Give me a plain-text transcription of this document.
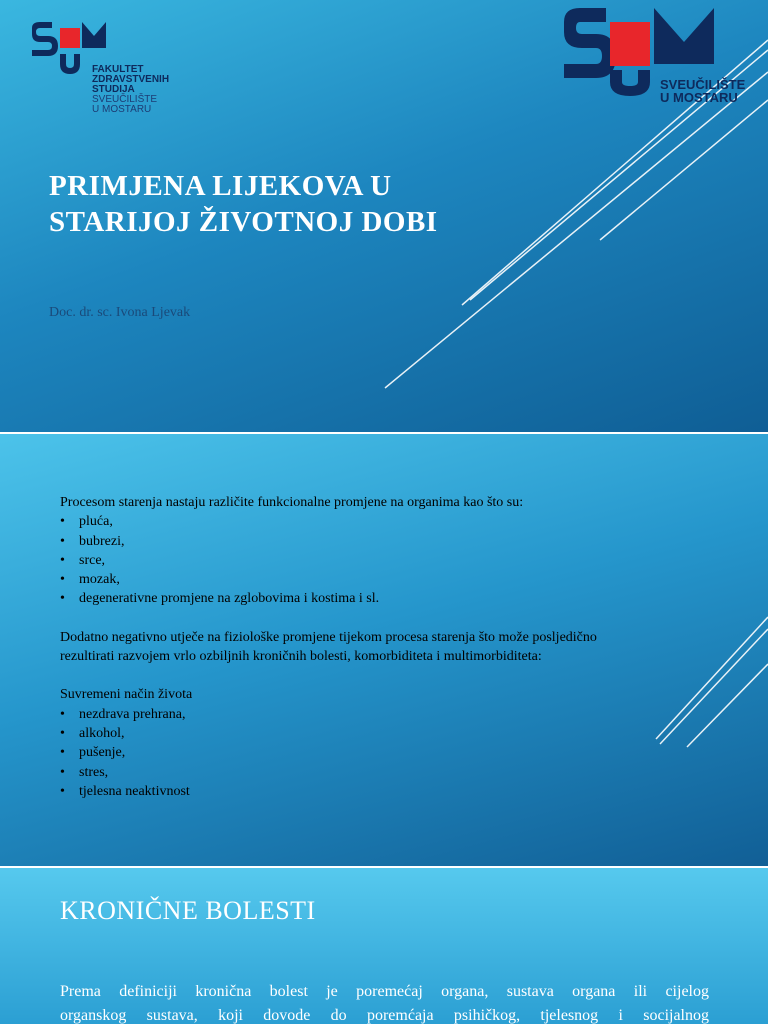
FAKULTET
ZDRAVSTVENIH
STUDIJA
SVEUČILIŠTE
U MOSTARU
SVEUČILIŠTE
U MOSTARU
PRIMJENA LIJEKOVA U
STARIJOJ ŽIVOTNOJ DOBI
Doc. dr. sc. Ivona Ljevak

Procesom starenja nastaju različite funkcionalne promjene na organima kao što su:

• pluća,
• bubrezi,
• srce,
• mozak,
• degenerativne promjene na zglobovima i kostima i sl.

Dodatno negativno utječe na fiziološke promjene tijekom procesa starenja što može posljedično

rezultirati razvojem vrlo ozbiljnih kroničnih bolesti, komorbiditeta i multimorbiditeta:

Suvremeni način života

• nezdrava prehrana,
• alkohol,
• pušenje,
• stres,
• tjelesna neaktivnost
KRONIČNE BOLESTI
Prema definiciji kronična bolest je poremećaj organa, sustava organa ili cijelog
organskog sustava, koji dovode do poremćaja psihičkog, tjelesnog i socijalnog
